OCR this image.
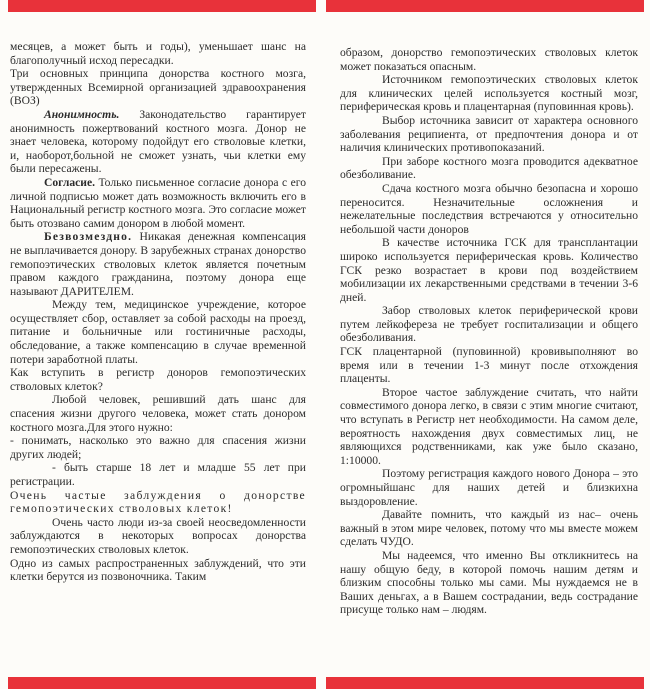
месяцев, а может быть и годы), уменьшает шанс на благополучный исход пересадки.

Три основных принципа донорства костного мозга, утвержденных Всемирной организацией здравоохранения (ВОЗ)

Анонимность. Законодательство гарантирует анонимность пожертвований костного мозга. Донор не знает человека, которому подойдут его стволовые клетки, и, наоборот,больной не сможет узнать, чьи клетки ему были пересажены.

Согласие. Только письменное согласие донора с его личной подписью может дать возможность включить его в Национальный регистр костного мозга. Это согласие может быть отозвано самим донором в любой момент.

Безвозмездно. Никакая денежная компенсация не выплачивается донору. В зарубежных странах донорство гемопоэтических стволовых клеток является почетным правом каждого гражданина, поэтому донора еще называют ДАРИТЕЛЕМ.

Между тем, медицинское учреждение, которое осуществляет сбор, оставляет за собой расходы на проезд, питание и больничные или гостиничные расходы, обследование, а также компенсацию в случае временной потери заработной платы.

Как вступить в регистр доноров гемопоэтических стволовых клеток?

Любой человек, решивший дать шанс для спасения жизни другого человека, может стать донором костного мозга.Для этого нужно:

- понимать, насколько это важно для спасения жизни других людей;

- быть старше 18 лет и младше 55 лет при регистрации.

Очень частые заблуждения о донорстве гемопоэтических стволовых клеток!

Очень часто люди из-за своей неосведомленности заблуждаются в некоторых вопросах донорства гемопоэтических стволовых клеток.

Одно из самых распространенных заблуждений, что эти клетки берутся из позвоночника. Таким

образом, донорство гемопоэтических стволовых клеток может показаться опасным.

Источником гемопоэтических стволовых клеток для клинических целей используется костный мозг, периферическая кровь и плацентарная (пуповинная кровь).

Выбор источника зависит от характера основного заболевания реципиента, от предпочтения донора и от наличия клинических противопоказаний.

При заборе костного мозга проводится адекватное обезболивание.

Сдача костного мозга обычно безопасна и хорошо переносится. Незначительные осложнения и нежелательные последствия встречаются у относительно небольшой части доноров

В качестве источника ГСК для трансплантации широко используется периферическая кровь. Количество ГСК резко возрастает в крови под воздействием мобилизации их лекарственными средствами в течении 3-6 дней.

Забор стволовых клеток периферической крови путем лейкофереза не требует госпитализации и общего обезболивания.

ГСК плацентарной (пуповинной) кровивыполняют во время или в течении 1-3 минут после отхождения плаценты.

Второе частое заблуждение считать, что найти совместимого донора легко, в связи с этим многие считают, что вступать в Регистр нет необходимости. На самом деле, вероятность нахождения двух совместимых лиц, не являющихся родственниками, как уже было сказано, 1:10000.

Поэтому регистрация каждого нового Донора – это огромныйшанс для наших детей и близкихна выздоровление.

Давайте помнить, что каждый из нас– очень важный в этом мире человек, потому что мы вместе можем сделать ЧУДО.

Мы надеемся, что именно Вы откликнитесь на нашу общую беду, в которой помочь нашим детям и близким способны только мы сами. Мы нуждаемся не в Ваших деньгах, а в Вашем сострадании, ведь сострадание присуще только нам – людям.
